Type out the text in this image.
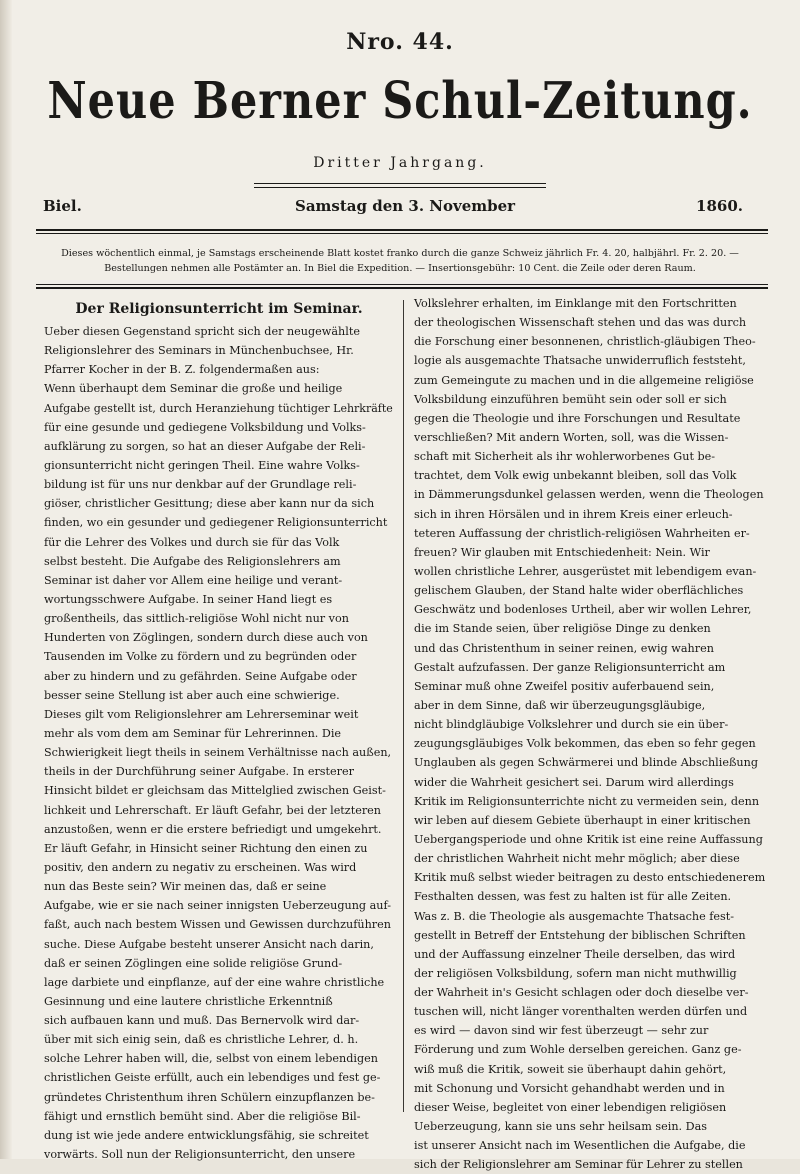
Nro. 44.
Neue Berner Schul-Zeitung.
Dritter Jahrgang.
Biel.	Samstag den 3. November	1860.
Dieses wöchentlich einmal, je Samstags erscheinende Blatt kostet franko durch die ganze Schweiz jährlich Fr. 4. 20, halbjährl. Fr. 2. 20. —
Bestellungen nehmen alle Postämter an. In Biel die Expedition. — Insertionsgebühr: 10 Cent. die Zeile oder deren Raum.
Der Religionsunterricht im Seminar.
Ueber diesen Gegenstand spricht sich der neugewählte
Religionslehrer des Seminars in Münchenbuchsee, Hr.
Pfarrer Kocher in der B. Z. folgendermaßen aus:
Wenn überhaupt dem Seminar die große und heilige
Aufgabe gestellt ist, durch Heranziehung tüchtiger Lehrkräfte
für eine gesunde und gediegene Volksbildung und Volks-
aufklärung zu sorgen, so hat an dieser Aufgabe der Reli-
gionsunterricht nicht geringen Theil. Eine wahre Volks-
bildung ist für uns nur denkbar auf der Grundlage reli-
giöser, christlicher Gesittung; diese aber kann nur da sich
finden, wo ein gesunder und gediegener Religionsunterricht
für die Lehrer des Volkes und durch sie für das Volk
selbst besteht. Die Aufgabe des Religionslehrers am
Seminar ist daher vor Allem eine heilige und verant-
wortungsschwere Aufgabe. In seiner Hand liegt es
großentheils, das sittlich-religiöse Wohl nicht nur von
Hunderten von Zöglingen, sondern durch diese auch von
Tausenden im Volke zu fördern und zu begründen oder
aber zu hindern und zu gefährden. Seine Aufgabe oder
besser seine Stellung ist aber auch eine schwierige.
Dieses gilt vom Religionslehrer am Lehrerseminar weit
mehr als vom dem am Seminar für Lehrerinnen. Die
Schwierigkeit liegt theils in seinem Verhältnisse nach außen,
theils in der Durchführung seiner Aufgabe. In ersterer
Hinsicht bildet er gleichsam das Mittelglied zwischen Geist-
lichkeit und Lehrerschaft. Er läuft Gefahr, bei der letzteren
anzustoßen, wenn er die erstere befriedigt und umgekehrt.
Er läuft Gefahr, in Hinsicht seiner Richtung den einen zu
positiv, den andern zu negativ zu erscheinen. Was wird
nun das Beste sein? Wir meinen das, daß er seine
Aufgabe, wie er sie nach seiner innigsten Ueberzeugung auf-
faßt, auch nach bestem Wissen und Gewissen durchzuführen
suche. Diese Aufgabe besteht unserer Ansicht nach darin,
daß er seinen Zöglingen eine solide religiöse Grund-
lage darbiete und einpflanze, auf der eine wahre christliche
Gesinnung und eine lautere christliche Erkenntniß
sich aufbauen kann und muß. Das Bernervolk wird dar-
über mit sich einig sein, daß es christliche Lehrer, d. h.
solche Lehrer haben will, die, selbst von einem lebendigen
christlichen Geiste erfüllt, auch ein lebendiges und fest ge-
gründetes Christenthum ihren Schülern einzupflanzen be-
fähigt und ernstlich bemüht sind. Aber die religiöse Bil-
dung ist wie jede andere entwicklungsfähig, sie schreitet
vorwärts. Soll nun der Religionsunterricht, den unsere
Volkslehrer erhalten, im Einklange mit den Fortschritten
der theologischen Wissenschaft stehen und das was durch
die Forschung einer besonnenen, christlich-gläubigen Theo-
logie als ausgemachte Thatsache unwiderruflich feststeht,
zum Gemeingute zu machen und in die allgemeine religiöse
Volksbildung einzuführen bemüht sein oder soll er sich
gegen die Theologie und ihre Forschungen und Resultate
verschließen? Mit andern Worten, soll, was die Wissen-
schaft mit Sicherheit als ihr wohlerworbenes Gut be-
trachtet, dem Volk ewig unbekannt bleiben, soll das Volk
in Dämmerungsdunkel gelassen werden, wenn die Theologen
sich in ihren Hörsälen und in ihrem Kreis einer erleuch-
teteren Auffassung der christlich-religiösen Wahrheiten er-
freuen? Wir glauben mit Entschiedenheit: Nein. Wir
wollen christliche Lehrer, ausgerüstet mit lebendigem evan-
gelischem Glauben, der Stand halte wider oberflächliches
Geschwätz und bodenloses Urtheil, aber wir wollen Lehrer,
die im Stande seien, über religiöse Dinge zu denken
und das Christenthum in seiner reinen, ewig wahren
Gestalt aufzufassen. Der ganze Religionsunterricht am
Seminar muß ohne Zweifel positiv auferbauend sein,
aber in dem Sinne, daß wir überzeugungsgläubige,
nicht blindgläubige Volkslehrer und durch sie ein über-
zeugungsgläubiges Volk bekommen, das eben so fehr gegen
Unglauben als gegen Schwärmerei und blinde Abschließung
wider die Wahrheit gesichert sei. Darum wird allerdings
Kritik im Religionsunterrichte nicht zu vermeiden sein, denn
wir leben auf diesem Gebiete überhaupt in einer kritischen
Uebergangsperiode und ohne Kritik ist eine reine Auffassung
der christlichen Wahrheit nicht mehr möglich; aber diese
Kritik muß selbst wieder beitragen zu desto entschiedenerem
Festhalten dessen, was fest zu halten ist für alle Zeiten.
Was z. B. die Theologie als ausgemachte Thatsache fest-
gestellt in Betreff der Entstehung der biblischen Schriften
und der Auffassung einzelner Theile derselben, das wird
der religiösen Volksbildung, sofern man nicht muthwillig
der Wahrheit in's Gesicht schlagen oder doch dieselbe ver-
tuschen will, nicht länger vorenthalten werden dürfen und
es wird — davon sind wir fest überzeugt — sehr zur
Förderung und zum Wohle derselben gereichen. Ganz ge-
wiß muß die Kritik, soweit sie überhaupt dahin gehört,
mit Schonung und Vorsicht gehandhabt werden und in
dieser Weise, begleitet von einer lebendigen religiösen
Ueberzeugung, kann sie uns sehr heilsam sein. Das
ist unserer Ansicht nach im Wesentlichen die Aufgabe, die
sich der Religionslehrer am Seminar für Lehrer zu stellen
